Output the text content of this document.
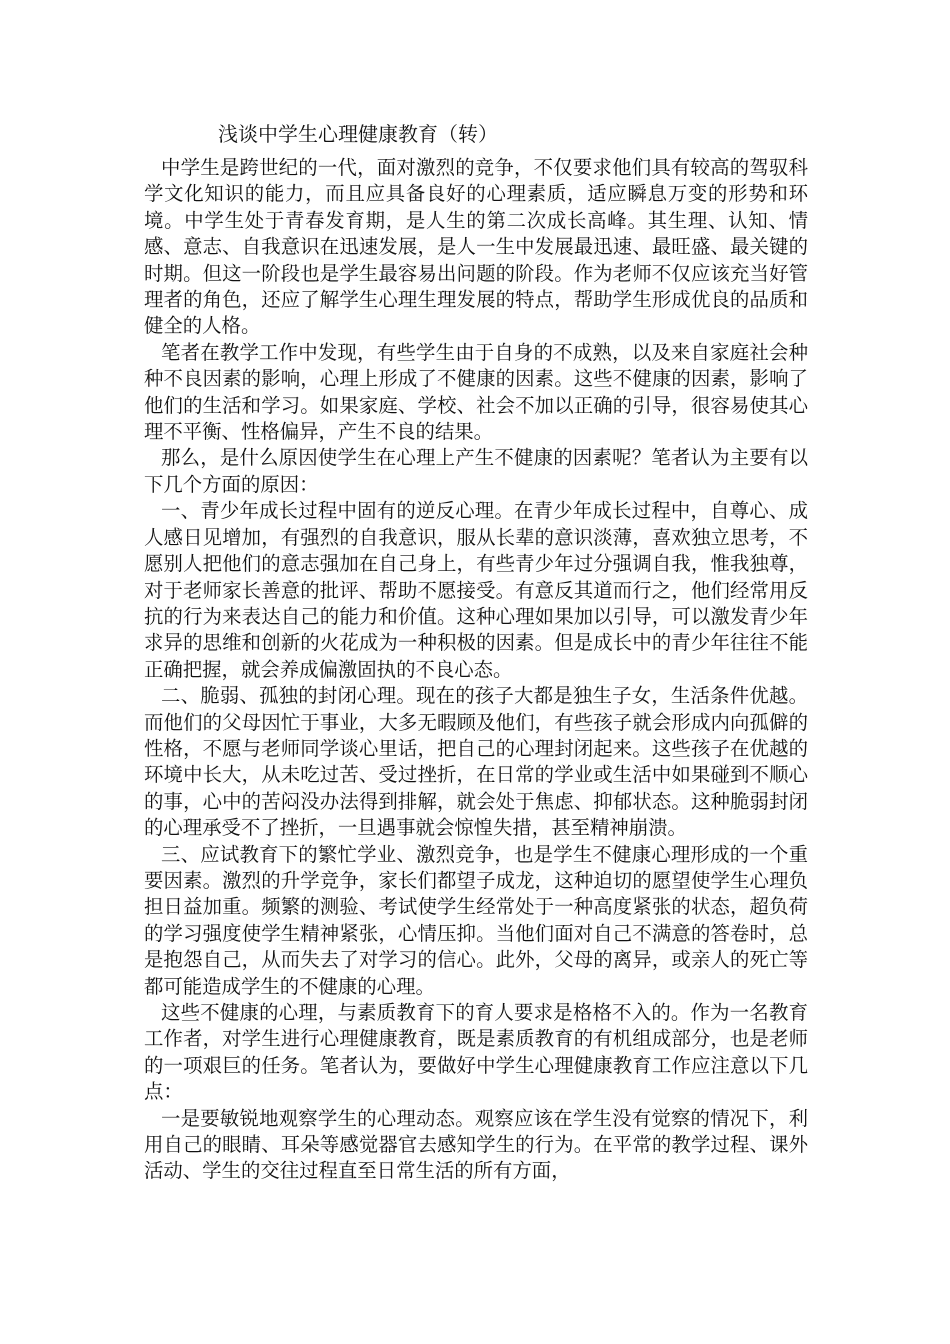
浅谈中学生心理健康教育（转）

中学生是跨世纪的一代，面对激烈的竞争，不仅要求他们具有较高的驾驭科学文化知识的能力，而且应具备良好的心理素质，适应瞬息万变的形势和环境。中学生处于青春发育期，是人生的第二次成长高峰。其生理、认知、情感、意志、自我意识在迅速发展，是人一生中发展最迅速、最旺盛、最关键的时期。但这一阶段也是学生最容易出问题的阶段。作为老师不仅应该充当好管理者的角色，还应了解学生心理生理发展的特点，帮助学生形成优良的品质和健全的人格。

笔者在教学工作中发现，有些学生由于自身的不成熟，以及来自家庭社会种种不良因素的影响，心理上形成了不健康的因素。这些不健康的因素，影响了他们的生活和学习。如果家庭、学校、社会不加以正确的引导，很容易使其心理不平衡、性格偏异，产生不良的结果。

那么，是什么原因使学生在心理上产生不健康的因素呢？笔者认为主要有以下几个方面的原因：

一、青少年成长过程中固有的逆反心理。在青少年成长过程中，自尊心、成人感日见增加，有强烈的自我意识，服从长辈的意识淡薄，喜欢独立思考，不愿别人把他们的意志强加在自己身上，有些青少年过分强调自我，惟我独尊，对于老师家长善意的批评、帮助不愿接受。有意反其道而行之，他们经常用反抗的行为来表达自己的能力和价值。这种心理如果加以引导，可以激发青少年求异的思维和创新的火花成为一种积极的因素。但是成长中的青少年往往不能正确把握，就会养成偏激固执的不良心态。

二、脆弱、孤独的封闭心理。现在的孩子大都是独生子女，生活条件优越。而他们的父母因忙于事业，大多无暇顾及他们，有些孩子就会形成内向孤僻的性格，不愿与老师同学谈心里话，把自己的心理封闭起来。这些孩子在优越的环境中长大，从未吃过苦、受过挫折，在日常的学业或生活中如果碰到不顺心的事，心中的苦闷没办法得到排解，就会处于焦虑、抑郁状态。这种脆弱封闭的心理承受不了挫折，一旦遇事就会惊惶失措，甚至精神崩溃。

三、应试教育下的繁忙学业、激烈竞争，也是学生不健康心理形成的一个重要因素。激烈的升学竞争，家长们都望子成龙，这种迫切的愿望使学生心理负担日益加重。频繁的测验、考试使学生经常处于一种高度紧张的状态，超负荷的学习强度使学生精神紧张，心情压抑。当他们面对自己不满意的答卷时，总是抱怨自己，从而失去了对学习的信心。此外，父母的离异，或亲人的死亡等都可能造成学生的不健康的心理。

这些不健康的心理，与素质教育下的育人要求是格格不入的。作为一名教育工作者，对学生进行心理健康教育，既是素质教育的有机组成部分，也是老师的一项艰巨的任务。笔者认为，要做好中学生心理健康教育工作应注意以下几点：

一是要敏锐地观察学生的心理动态。观察应该在学生没有觉察的情况下，利用自己的眼睛、耳朵等感觉器官去感知学生的行为。在平常的教学过程、课外活动、学生的交往过程直至日常生活的所有方面，
